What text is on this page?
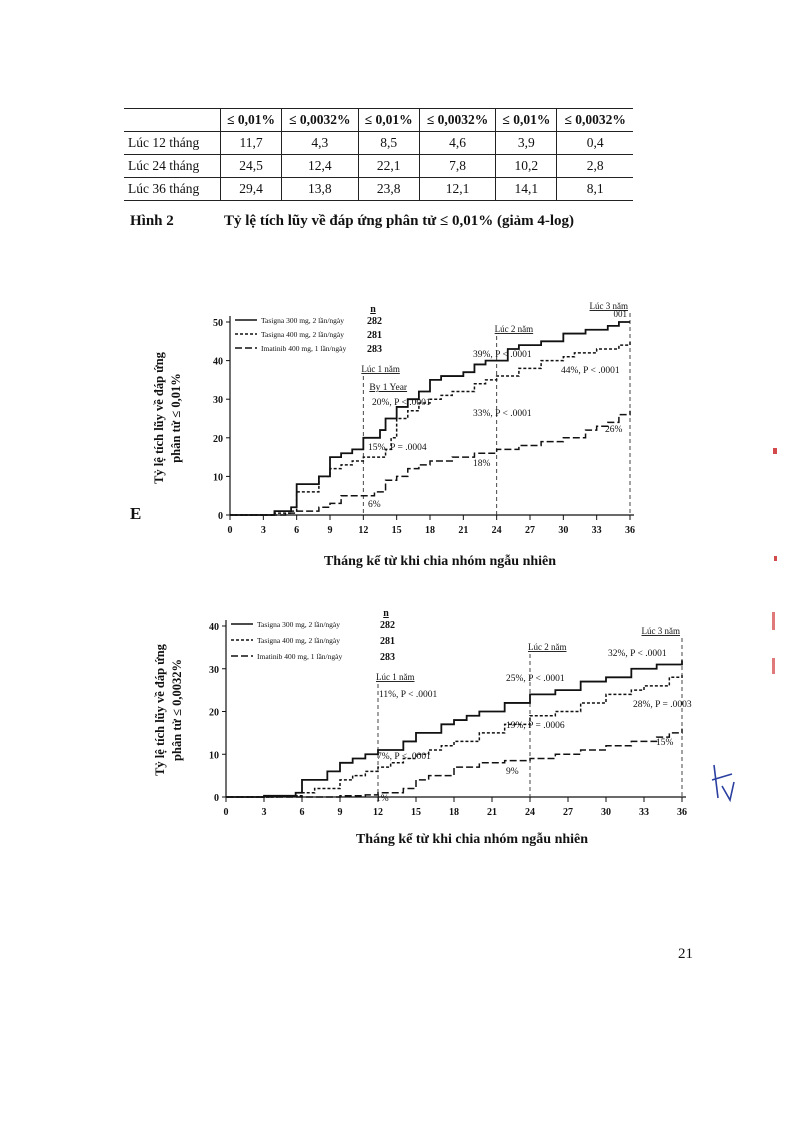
	≤ 0,01%	≤ 0,0032%	≤ 0,01%	≤ 0,0032%	≤ 0,01%	≤ 0,0032%
Lúc 12 tháng	11,7	4,3	8,5	4,6	3,9	0,4
Lúc 24 tháng	24,5	12,4	22,1	7,8	10,2	2,8
Lúc 36 tháng	29,4	13,8	23,8	12,1	14,1	8,1
Hình 2	Tỷ lệ tích lũy về đáp ứng phân tử ≤ 0,01% (giảm 4-log)
E
0	3	6	9	12 15 18 21 24 27 30 33 36
0
10
20
30
40
50
Lúc 1 năm
By 1 Year
Lúc 2 năm
Lúc 3 năm
001
n
Tasigna 300 mg, 2 lần/ngày 282
Tasigna 400 mg, 2 lần/ngày 281
Imatinib 400 mg, 1 lần/ngày 283
20%, P < .0001
15%, P = .0004
6%
39%, P < .0001
33%, P < .0001
18%
44%, P < .0001
26%
Tỷ lệ tích lũy về đáp ứng phân tử ≤ 0,01%
Tháng kể từ khi chia nhóm ngẫu nhiên
0	3	6	9	12	15	18	21	24	27	30	33	36
0
10
20
30
40
Lúc 1 năm
Lúc 2 năm
Lúc 3 năm
n
Tasigna 300 mg, 2 lần/ngày	282
Tasigna 400 mg, 2 lần/ngày	281
Imatinib 400 mg, 1 lần/ngày	283
11%, P < .0001
7%, P < .0001
1%
25%, P < .0001
19%, P = .0006
9%
32%, P < .0001
28%, P = .0003
15%
Tỷ lệ tích lũy về đáp ứng phân tử ≤ 0,0032%
Tháng kể từ khi chia nhóm ngẫu nhiên
21
